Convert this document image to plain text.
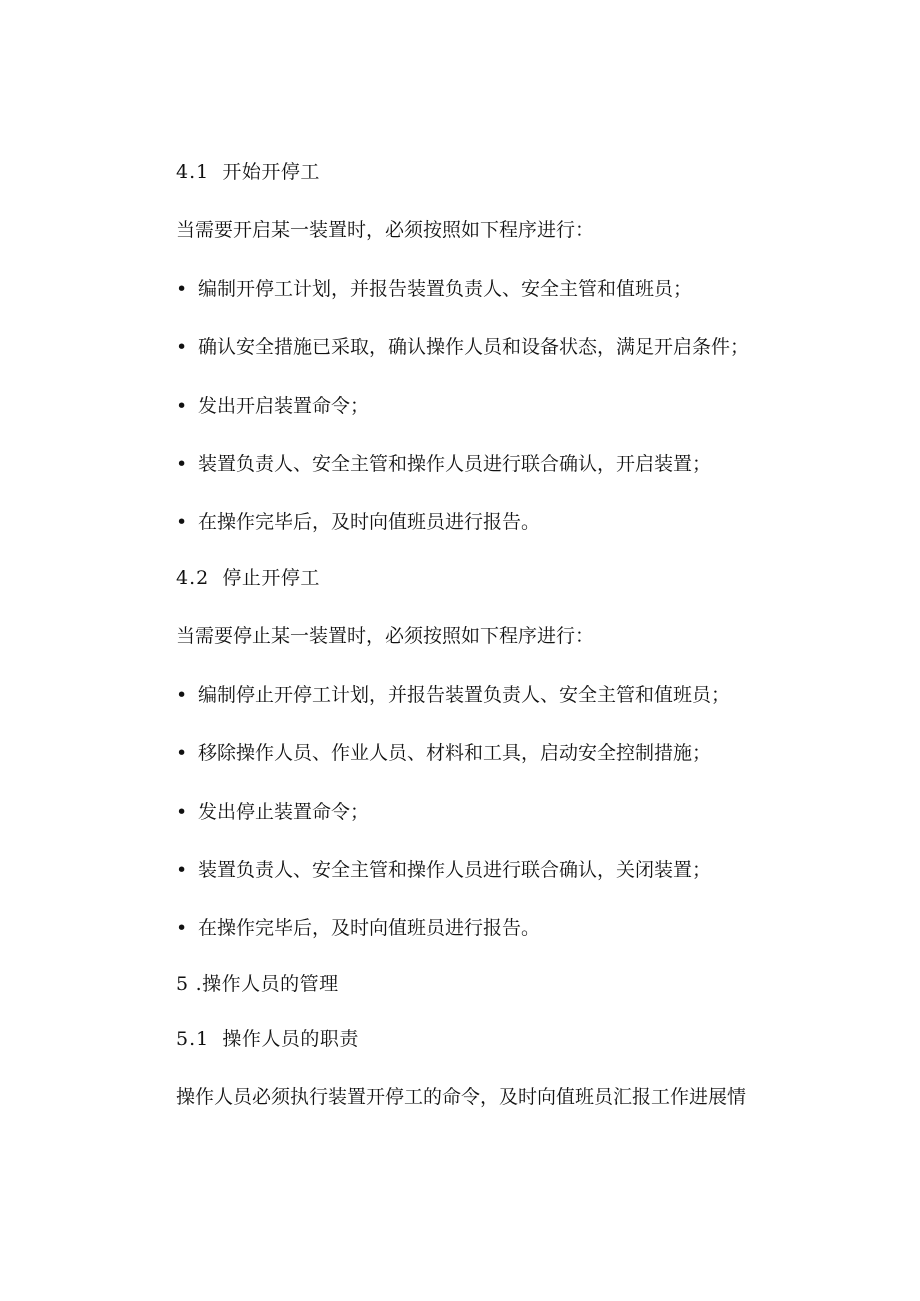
4.1 开始开停工
当需要开启某一装置时，必须按照如下程序进行：
• 编制开停工计划，并报告装置负责人、安全主管和值班员；
• 确认安全措施已采取，确认操作人员和设备状态，满足开启条件；
• 发出开启装置命令；
• 装置负责人、安全主管和操作人员进行联合确认，开启装置；
• 在操作完毕后，及时向值班员进行报告。
4.2 停止开停工
当需要停止某一装置时，必须按照如下程序进行：
• 编制停止开停工计划，并报告装置负责人、安全主管和值班员；
• 移除操作人员、作业人员、材料和工具，启动安全控制措施；
• 发出停止装置命令；
• 装置负责人、安全主管和操作人员进行联合确认，关闭装置；
• 在操作完毕后，及时向值班员进行报告。
5 .操作人员的管理
5.1 操作人员的职责
操作人员必须执行装置开停工的命令，及时向值班员汇报工作进展情
